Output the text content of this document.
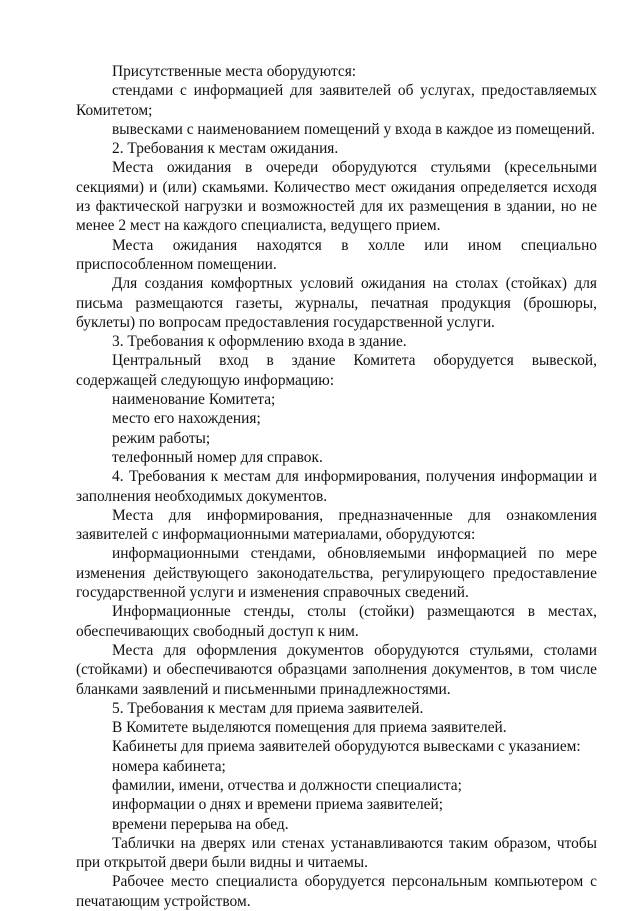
Присутственные места оборудуются:

стендами с информацией для заявителей об услугах, предоставляемых Комитетом;

вывесками с наименованием помещений у входа в каждое из помещений.

2. Требования к местам ожидания.

Места ожидания в очереди оборудуются стульями (кресельными секциями) и (или) скамьями. Количество мест ожидания определяется исходя из фактической нагрузки и возможностей для их размещения в здании, но не менее 2 мест на каждого специалиста, ведущего прием.

Места ожидания находятся в холле или ином специально приспособленном помещении.

Для создания комфортных условий ожидания на столах (стойках) для письма размещаются газеты, журналы, печатная продукция (брошюры, буклеты) по вопросам предоставления государственной услуги.

3. Требования к оформлению входа в здание.

Центральный вход в здание Комитета оборудуется вывеской, содержащей следующую информацию:

наименование Комитета;

место его нахождения;

режим работы;

телефонный номер для справок.

4. Требования к местам для информирования, получения информации и заполнения необходимых документов.

Места для информирования, предназначенные для ознакомления заявителей с информационными материалами, оборудуются:

информационными стендами, обновляемыми информацией по мере изменения действующего законодательства, регулирующего предоставление государственной услуги и изменения справочных сведений.

Информационные стенды, столы (стойки) размещаются в местах, обеспечивающих свободный доступ к ним.

Места для оформления документов оборудуются стульями, столами (стойками) и обеспечиваются образцами заполнения документов, в том числе бланками заявлений и письменными принадлежностями.

5. Требования к местам для приема заявителей.

В Комитете выделяются помещения для приема заявителей.

Кабинеты для приема заявителей оборудуются вывесками с указанием:

номера кабинета;

фамилии, имени, отчества и должности специалиста;

информации о днях и времени приема заявителей;

времени перерыва на обед.

Таблички на дверях или стенах устанавливаются таким образом, чтобы при открытой двери были видны и читаемы.

Рабочее место специалиста оборудуется персональным компьютером с печатающим устройством.
